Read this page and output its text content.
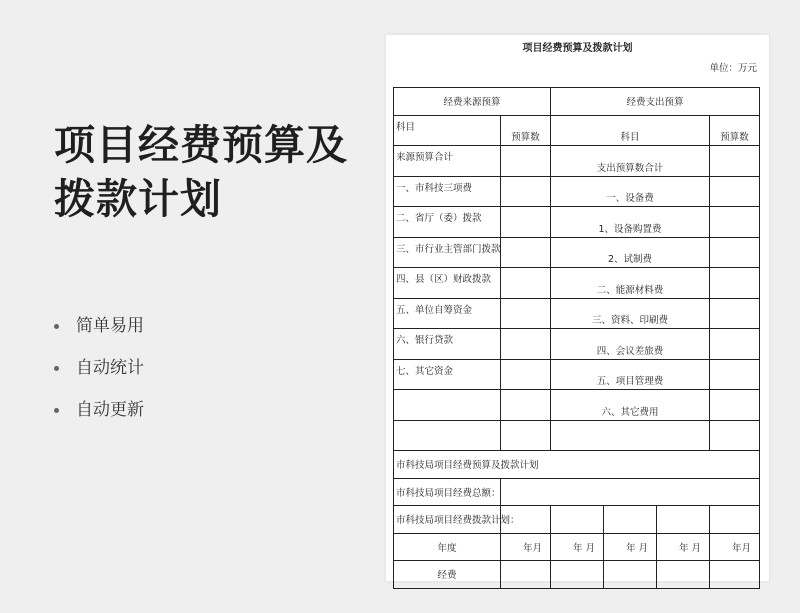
项目经费预算及拨款计划
简单易用
自动统计
自动更新
项目经费预算及拨款计划
单位：万元
经费来源预算		经费支出预算			
科目	预算数	科目			预算数
来源预算合计		支出预算数合计			
一、市科技三项费		一、设备费			
二、省厅（委）拨款		1、设备购置费			
三、市行业主管部门拨款		2、试制费			
四、县（区）财政拨款		二、能源材料费			
五、单位自筹资金		三、资料、印刷费			
六、银行贷款		四、会议差旅费			
七、其它资金		五、项目管理费			
		六、其它费用			

市科技局项目经费预算及拨款计划					
市科技局项目经费总额：					
市科技局项目经费拨款计划：					
年度	年 月	年 月	年 月	年 月	年 月

经费					
